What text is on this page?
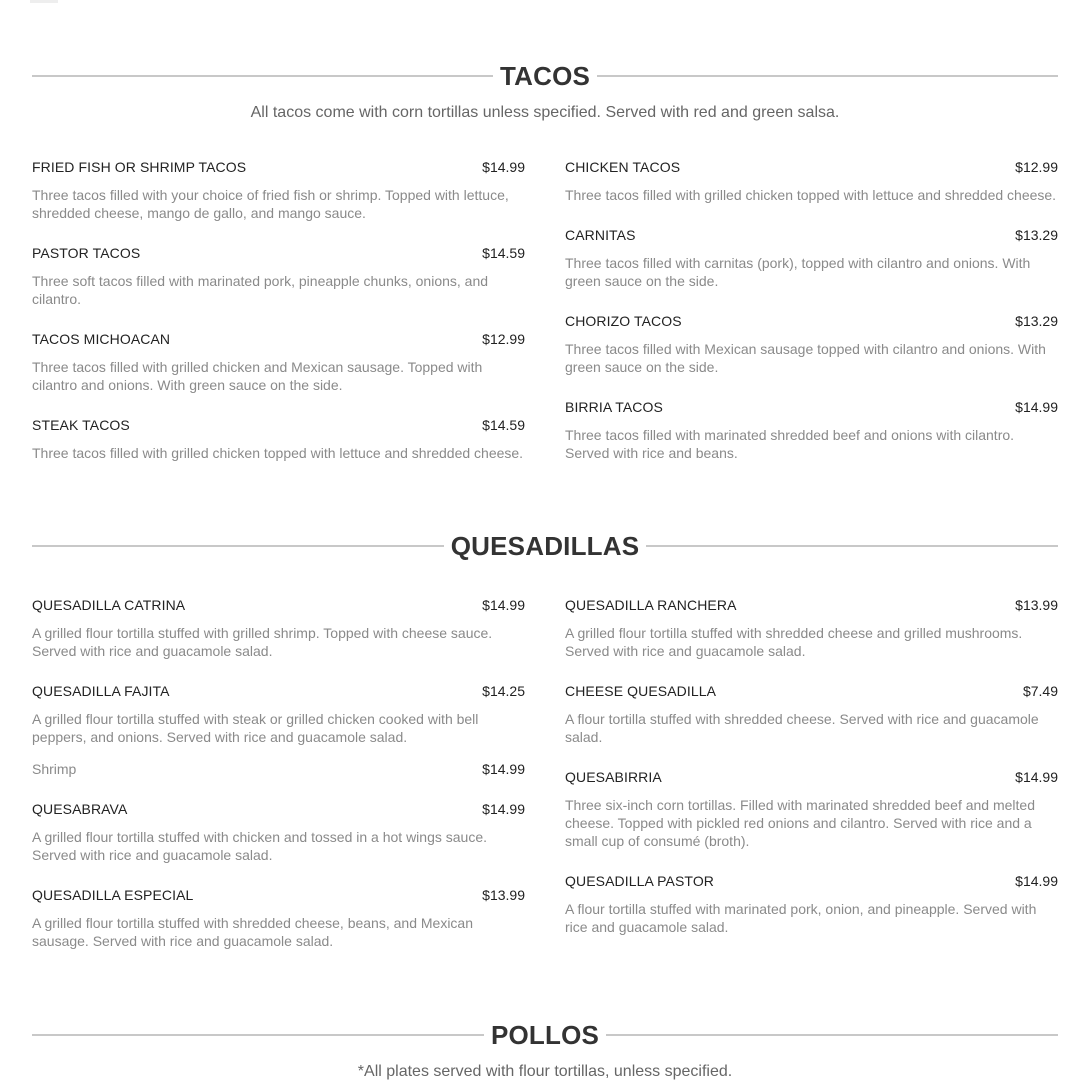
TACOS
All tacos come with corn tortillas unless specified. Served with red and green salsa.
FRIED FISH OR SHRIMP TACOS	$14.99
Three tacos filled with your choice of fried fish or shrimp. Topped with lettuce, shredded cheese, mango de gallo, and mango sauce.
PASTOR TACOS	$14.59
Three soft tacos filled with marinated pork, pineapple chunks, onions, and cilantro.
TACOS MICHOACAN	$12.99
Three tacos filled with grilled chicken and Mexican sausage. Topped with cilantro and onions. With green sauce on the side.
STEAK TACOS	$14.59
Three tacos filled with grilled chicken topped with lettuce and shredded cheese.
CHICKEN TACOS	$12.99
Three tacos filled with grilled chicken topped with lettuce and shredded cheese.
CARNITAS	$13.29
Three tacos filled with carnitas (pork), topped with cilantro and onions. With green sauce on the side.
CHORIZO TACOS	$13.29
Three tacos filled with Mexican sausage topped with cilantro and onions. With green sauce on the side.
BIRRIA TACOS	$14.99
Three tacos filled with marinated shredded beef and onions with cilantro. Served with rice and beans.
QUESADILLAS
QUESADILLA CATRINA	$14.99
A grilled flour tortilla stuffed with grilled shrimp. Topped with cheese sauce. Served with rice and guacamole salad.
QUESADILLA FAJITA	$14.25
A grilled flour tortilla stuffed with steak or grilled chicken cooked with bell peppers, and onions. Served with rice and guacamole salad.
Shrimp	$14.99
QUESABRAVA	$14.99
A grilled flour tortilla stuffed with chicken and tossed in a hot wings sauce. Served with rice and guacamole salad.
QUESADILLA ESPECIAL	$13.99
A grilled flour tortilla stuffed with shredded cheese, beans, and Mexican sausage. Served with rice and guacamole salad.
QUESADILLA RANCHERA	$13.99
A grilled flour tortilla stuffed with shredded cheese and grilled mushrooms. Served with rice and guacamole salad.
CHEESE QUESADILLA	$7.49
A flour tortilla stuffed with shredded cheese. Served with rice and guacamole salad.
QUESABIRRIA	$14.99
Three six-inch corn tortillas. Filled with marinated shredded beef and melted cheese. Topped with pickled red onions and cilantro. Served with rice and a small cup of consumé (broth).
QUESADILLA PASTOR	$14.99
A flour tortilla stuffed with marinated pork, onion, and pineapple. Served with rice and guacamole salad.
POLLOS
*All plates served with flour tortillas, unless specified.
